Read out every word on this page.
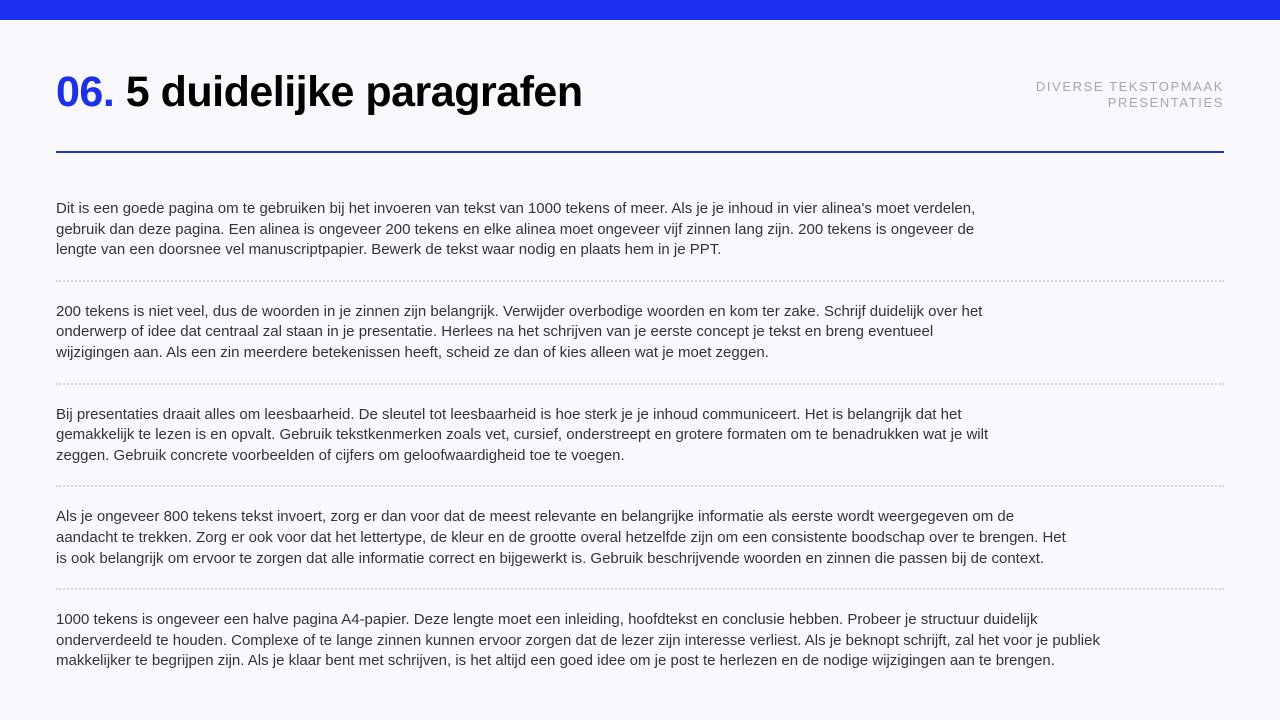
06. 5 duidelijke paragrafen	DIVERSE TEKSTOPMAAK
PRESENTATIES
Dit is een goede pagina om te gebruiken bij het invoeren van tekst van 1000 tekens of meer. Als je je inhoud in vier alinea's moet verdelen,
gebruik dan deze pagina. Een alinea is ongeveer 200 tekens en elke alinea moet ongeveer vijf zinnen lang zijn. 200 tekens is ongeveer de
lengte van een doorsnee vel manuscriptpapier. Bewerk de tekst waar nodig en plaats hem in je PPT.
200 tekens is niet veel, dus de woorden in je zinnen zijn belangrijk. Verwijder overbodige woorden en kom ter zake. Schrijf duidelijk over het
onderwerp of idee dat centraal zal staan in je presentatie. Herlees na het schrijven van je eerste concept je tekst en breng eventueel
wijzigingen aan. Als een zin meerdere betekenissen heeft, scheid ze dan of kies alleen wat je moet zeggen.
Bij presentaties draait alles om leesbaarheid. De sleutel tot leesbaarheid is hoe sterk je je inhoud communiceert. Het is belangrijk dat het
gemakkelijk te lezen is en opvalt. Gebruik tekstkenmerken zoals vet, cursief, onderstreept en grotere formaten om te benadrukken wat je wilt
zeggen. Gebruik concrete voorbeelden of cijfers om geloofwaardigheid toe te voegen.
Als je ongeveer 800 tekens tekst invoert, zorg er dan voor dat de meest relevante en belangrijke informatie als eerste wordt weergegeven om de
aandacht te trekken. Zorg er ook voor dat het lettertype, de kleur en de grootte overal hetzelfde zijn om een consistente boodschap over te brengen. Het
is ook belangrijk om ervoor te zorgen dat alle informatie correct en bijgewerkt is. Gebruik beschrijvende woorden en zinnen die passen bij de context.
1000 tekens is ongeveer een halve pagina A4-papier. Deze lengte moet een inleiding, hoofdtekst en conclusie hebben. Probeer je structuur duidelijk
onderverdeeld te houden. Complexe of te lange zinnen kunnen ervoor zorgen dat de lezer zijn interesse verliest. Als je beknopt schrijft, zal het voor je publiek
makkelijker te begrijpen zijn. Als je klaar bent met schrijven, is het altijd een goed idee om je post te herlezen en de nodige wijzigingen aan te brengen.
